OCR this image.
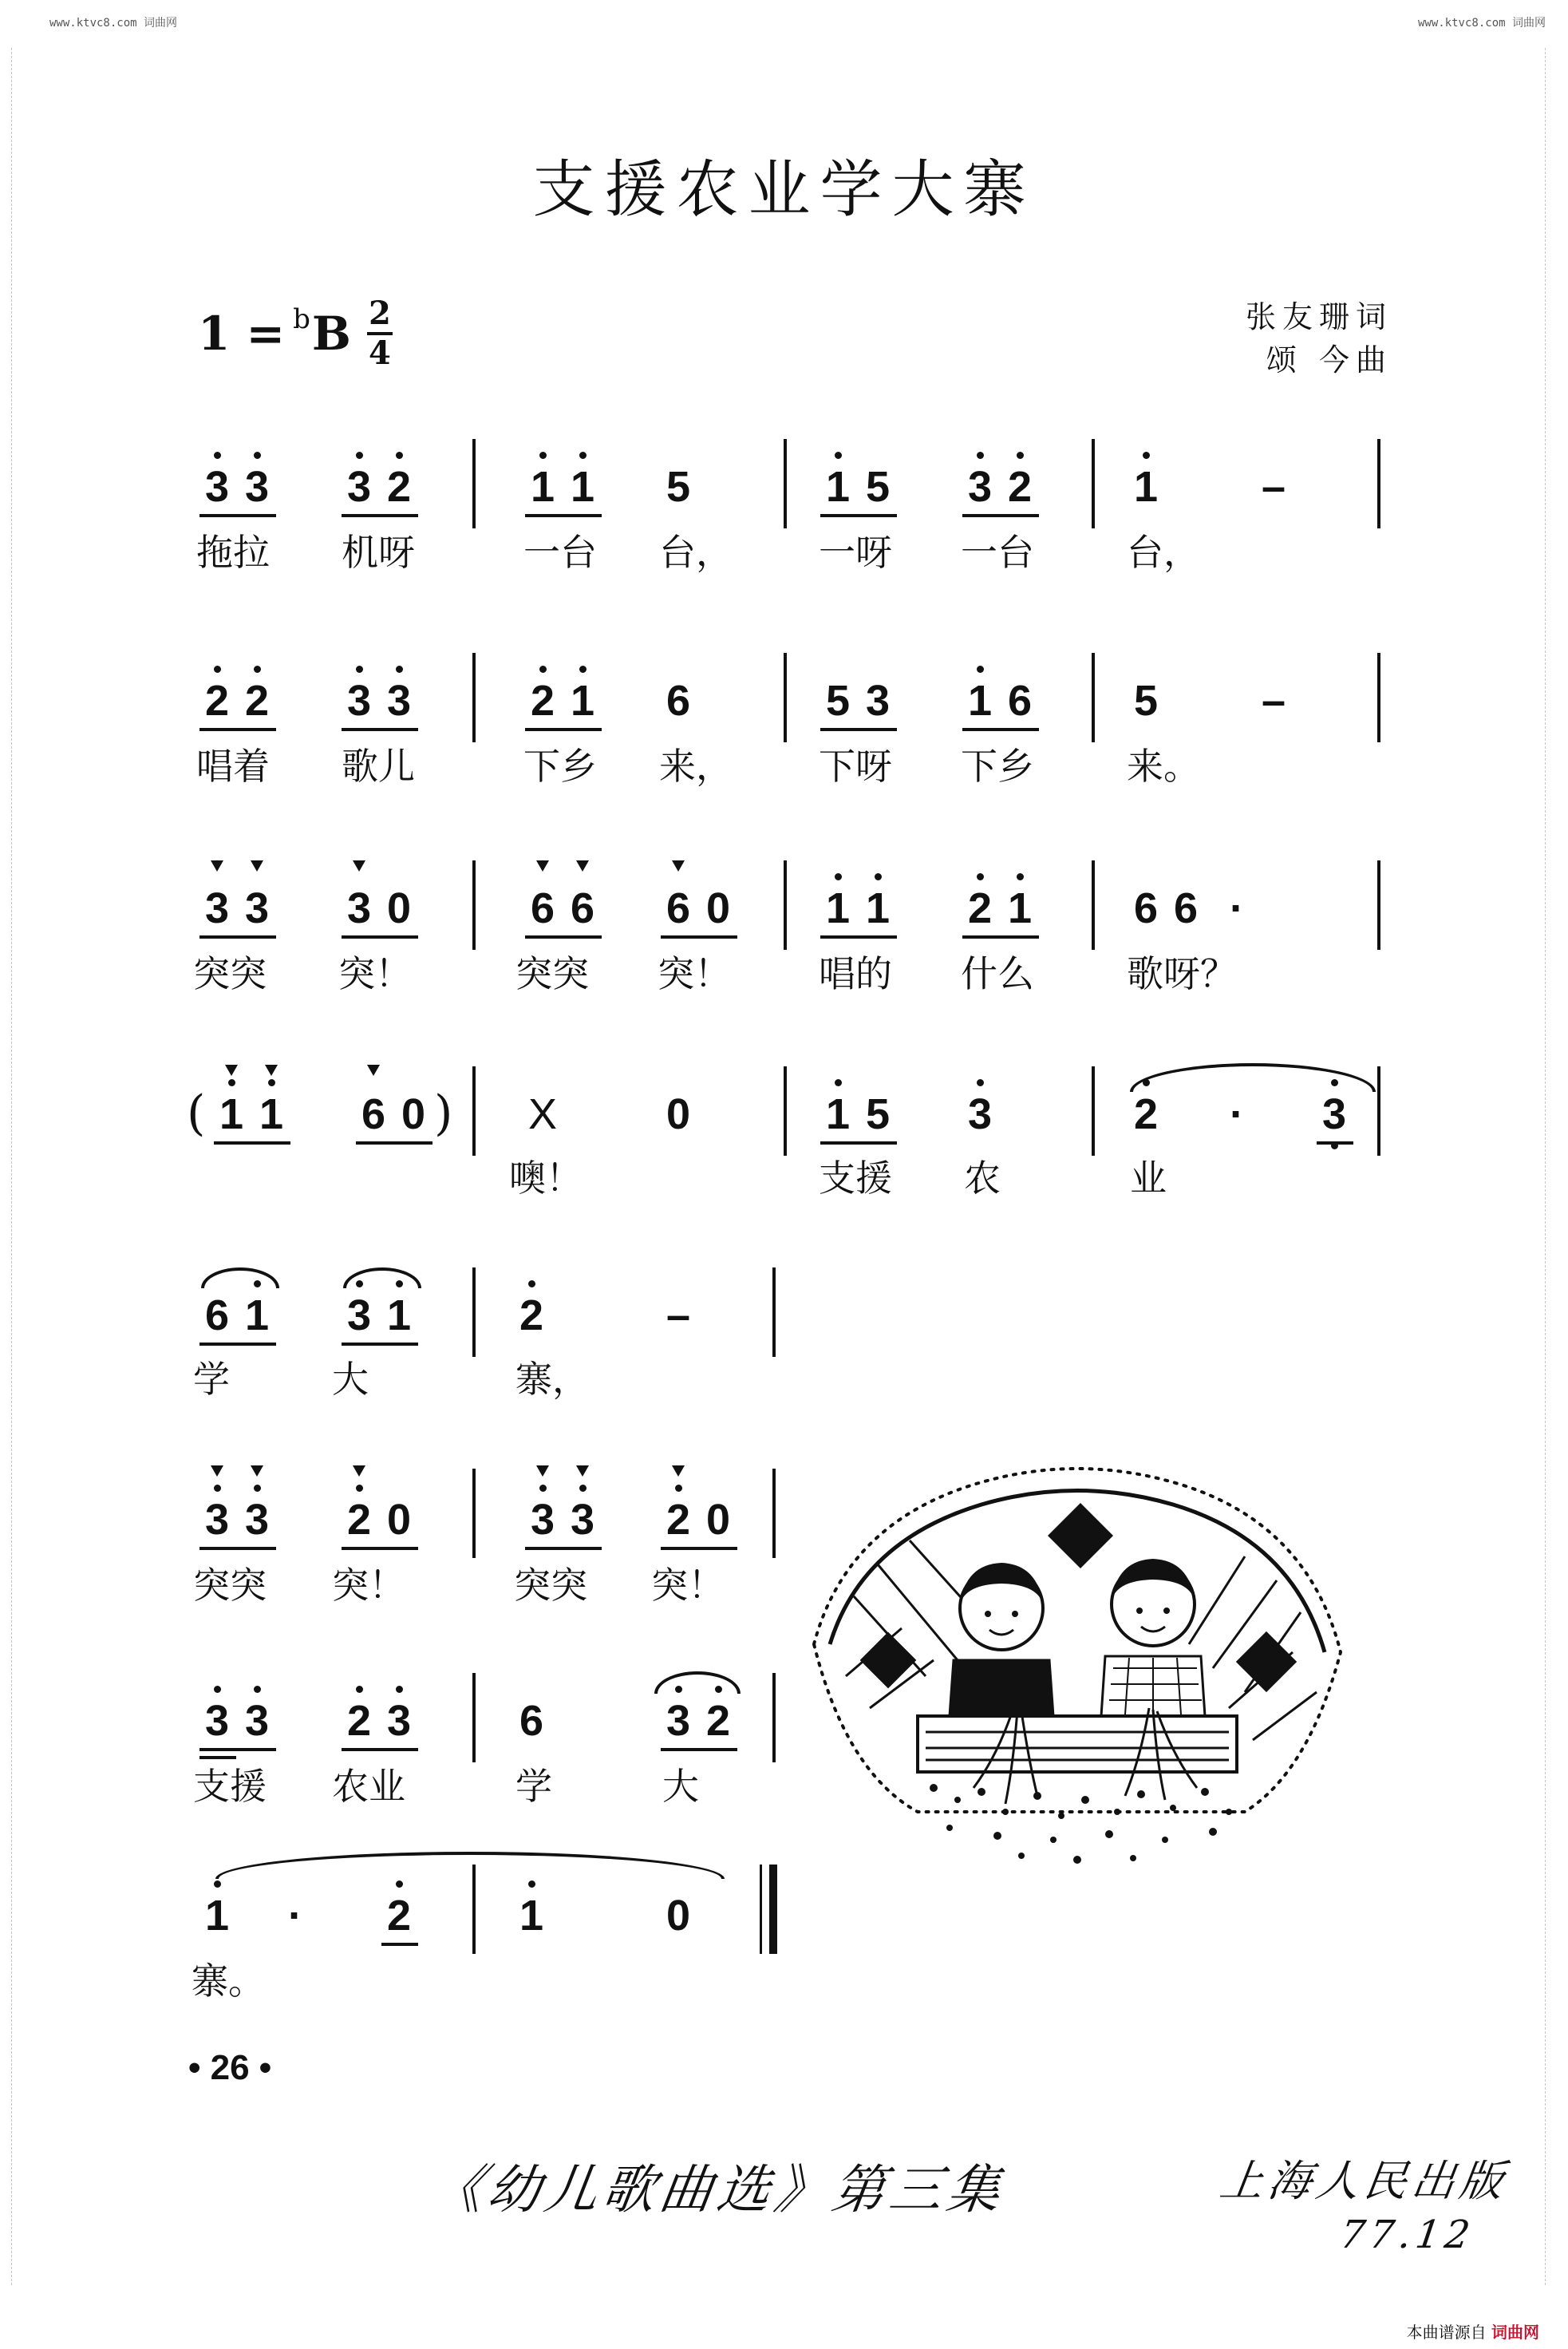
www.ktvc8.com 词曲网	www.ktvc8.com 词曲网
支援农业学大寨
1 = b B 2
4
张友珊词
颂 今曲
3 3 3 2	1 1 5	1 5 3 2 1 –
拖拉 机呀	一台 台， 一呀 一台	台，
2 2 3 3	2 1 6	5 3 1 6 5 –
唱着 歌儿	下乡 来， 下呀 下乡	来。
3 3 3 0	6 6 6 0 1 1 2 1 6 6 ·
突突 突！	突突 突！ 唱的 什么	歌呀？
( 1 1 6 0 ) X	0	1 5 3	2 · 3
噢！	支援 农	业
6 1 3 1	2	–
学	大	寨，
3 3 2 0	3 3 2 0
突突 突！	突突 突！
3 3 2 3	6	3 2
支援 农业	学	大
1 · 2	1	0
寨。
• 26 •
《幼儿歌曲选》第三集	上海人民出版
77.12
本曲谱源自 词曲网
